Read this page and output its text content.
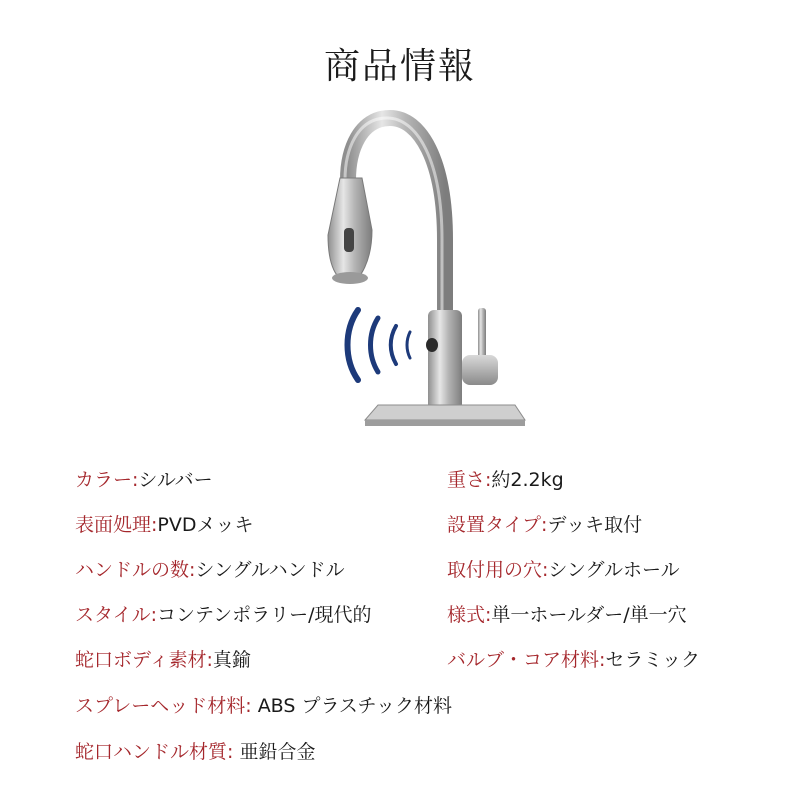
商品情報
カラー:シルバー	重さ:約2.2kg
表面処理:PVDメッキ	設置タイプ:デッキ取付
ハンドルの数:シングルハンドル	取付用の穴:シングルホール
スタイル:コンテンポラリー/現代的	様式:単一ホールダー/単一穴
蛇口ボディ素材:真鍮	バルブ・コア材料:セラミック
スプレーヘッド材料: ABS プラスチック材料
蛇口ハンドル材質: 亜鉛合金
